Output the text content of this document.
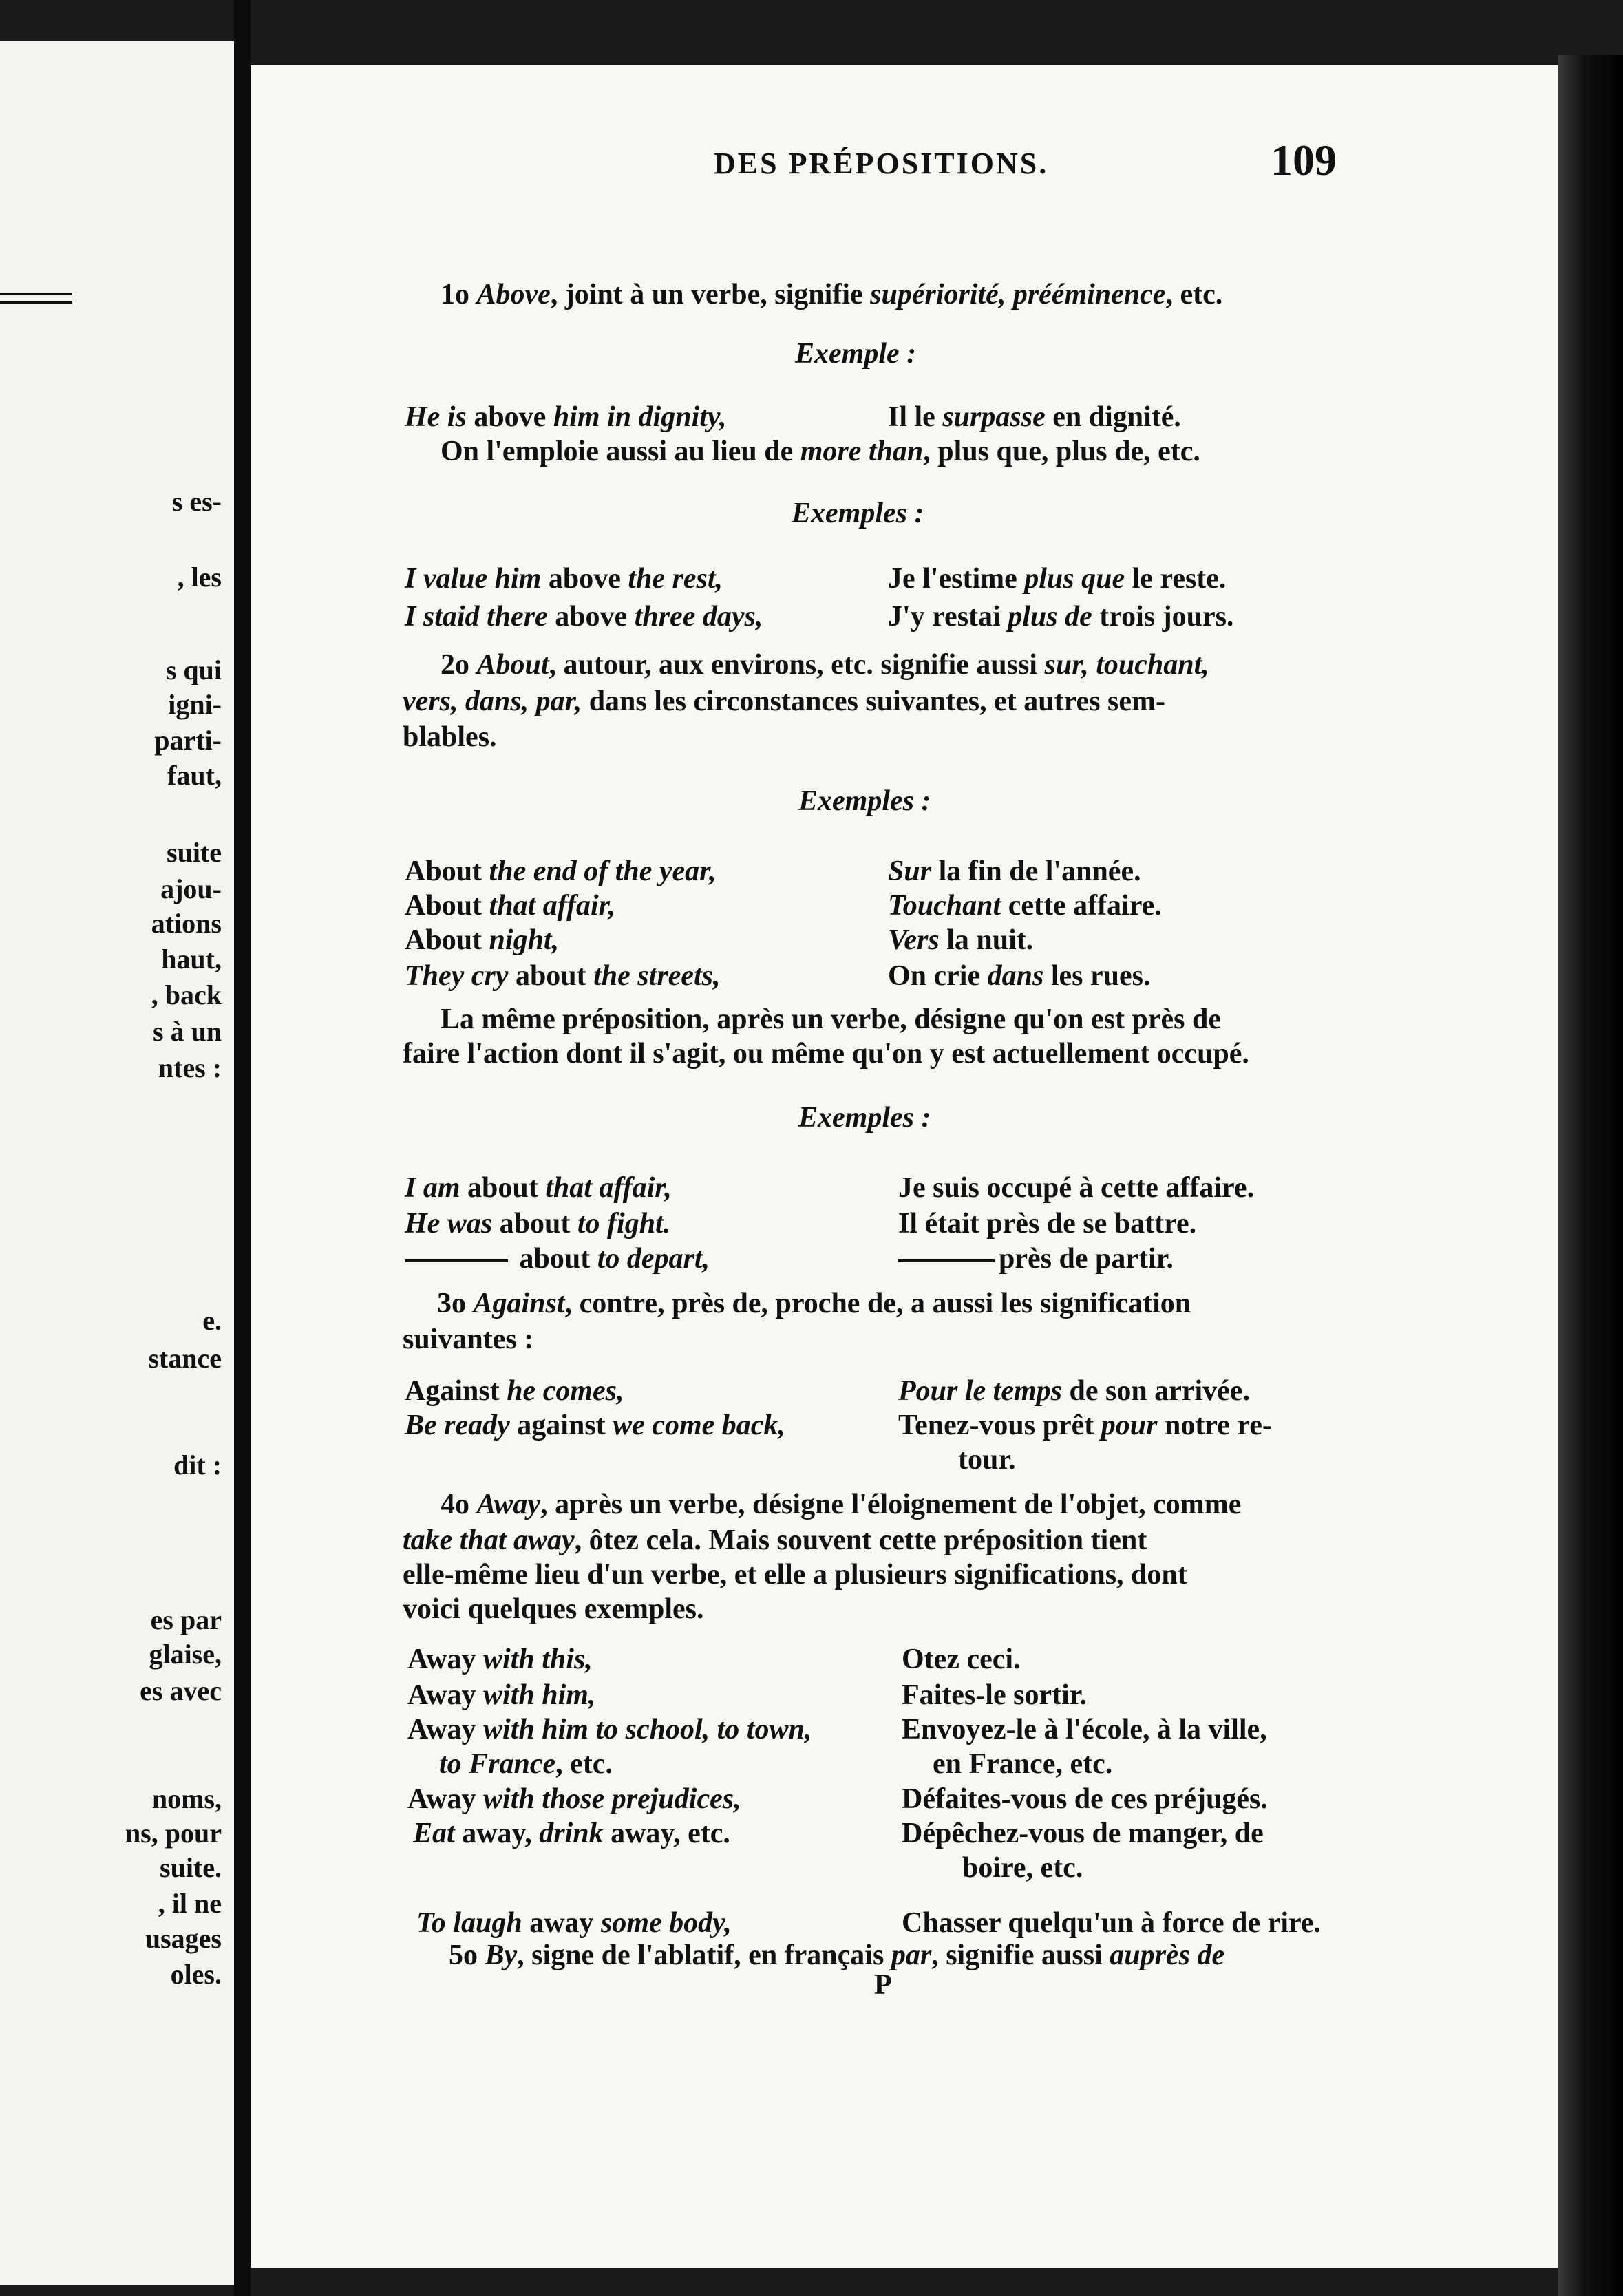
s es-
, les
s qui
igni-
parti-
faut,
suite
ajou-
ations
haut,
, back
s à un
ntes :
e.
stance
dit :
es par
glaise,
es avec
noms,
ns, pour
suite.
, il ne
usages
oles.
DES PRÉPOSITIONS.	109
1o Above, joint à un verbe, signifie supériorité, prééminence, etc.
Exemple :
He is above him in dignity,	Il le surpasse en dignité.
On l'emploie aussi au lieu de more than, plus que, plus de, etc.
Exemples :
I value him above the rest,	Je l'estime plus que le reste.
I staid there above three days,	J'y restai plus de trois jours.
2o About, autour, aux environs, etc. signifie aussi sur, touchant,
vers, dans, par, dans les circonstances suivantes, et autres sem-
blables.
Exemples :
About the end of the year,	Sur la fin de l'année.
About that affair,	Touchant cette affaire.
About night,	Vers la nuit.
They cry about the streets,	On crie dans les rues.
La même préposition, après un verbe, désigne qu'on est près de
faire l'action dont il s'agit, ou même qu'on y est actuellement occupé.
Exemples :
I am about that affair,	Je suis occupé à cette affaire.
He was about to fight.	Il était près de se battre.
about to depart,	près de partir.
3o Against, contre, près de, proche de, a aussi les signification
suivantes :
Against he comes,	Pour le temps de son arrivée.
Be ready against we come back,	Tenez-vous prêt pour notre re-
tour.
4o Away, après un verbe, désigne l'éloignement de l'objet, comme
take that away, ôtez cela. Mais souvent cette préposition tient
elle-même lieu d'un verbe, et elle a plusieurs significations, dont
voici quelques exemples.
Away with this,	Otez ceci.
Away with him,	Faites-le sortir.
Away with him to school, to town,	Envoyez-le à l'école, à la ville,
to France, etc.	en France, etc.
Away with those prejudices,	Défaites-vous de ces préjugés.
Eat away, drink away, etc.	Dépêchez-vous de manger, de
boire, etc.
To laugh away some body,	Chasser quelqu'un à force de rire.
5o By, signe de l'ablatif, en français par, signifie aussi auprès de
P
